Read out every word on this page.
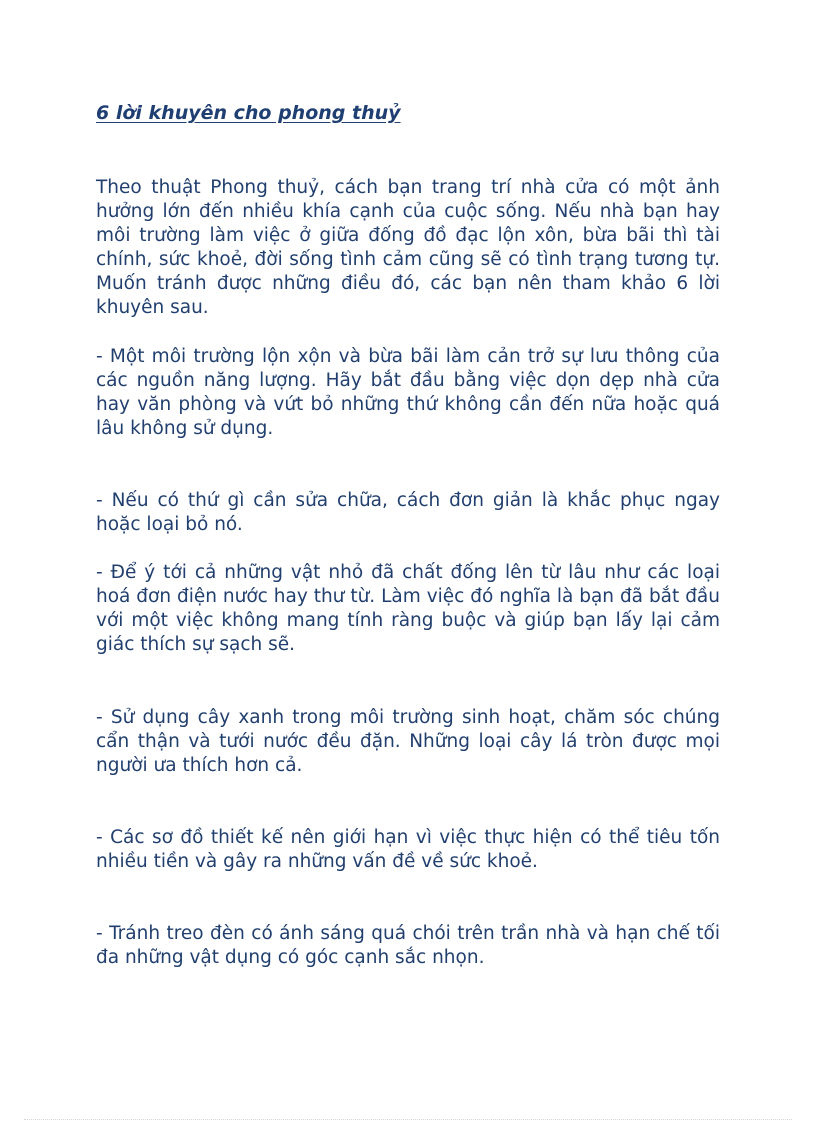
6 lời khuyên cho phong thuỷ

Theo thuật Phong thuỷ, cách bạn trang trí nhà cửa có một ảnh hưởng lớn đến nhiều khía cạnh của cuộc sống. Nếu nhà bạn hay môi trường làm việc ở giữa đống đồ đạc lộn xôn, bừa bãi thì tài chính, sức khoẻ, đời sống tình cảm cũng sẽ có tình trạng tương tự. Muốn tránh được những điều đó, các bạn nên tham khảo 6 lời khuyên sau.

- Một môi trường lộn xộn và bừa bãi làm cản trở sự lưu thông của các nguồn năng lượng. Hãy bắt đầu bằng việc dọn dẹp nhà cửa hay văn phòng và vứt bỏ những thứ không cần đến nữa hoặc quá lâu không sử dụng.

- Nếu có thứ gì cần sửa chữa, cách đơn giản là khắc phục ngay hoặc loại bỏ nó.

- Để ý tới cả những vật nhỏ đã chất đống lên từ lâu như các loại hoá đơn điện nước hay thư từ. Làm việc đó nghĩa là bạn đã bắt đầu với một việc không mang tính ràng buộc và giúp bạn lấy lại cảm giác thích sự sạch sẽ.

- Sử dụng cây xanh trong môi trường sinh hoạt, chăm sóc chúng cẩn thận và tưới nước đều đặn. Những loại cây lá tròn được mọi người ưa thích hơn cả.

- Các sơ đồ thiết kế nên giới hạn vì việc thực hiện có thể tiêu tốn nhiều tiền và gây ra những vấn đề về sức khoẻ.

- Tránh treo đèn có ánh sáng quá chói trên trần nhà và hạn chế tối đa những vật dụng có góc cạnh sắc nhọn.
